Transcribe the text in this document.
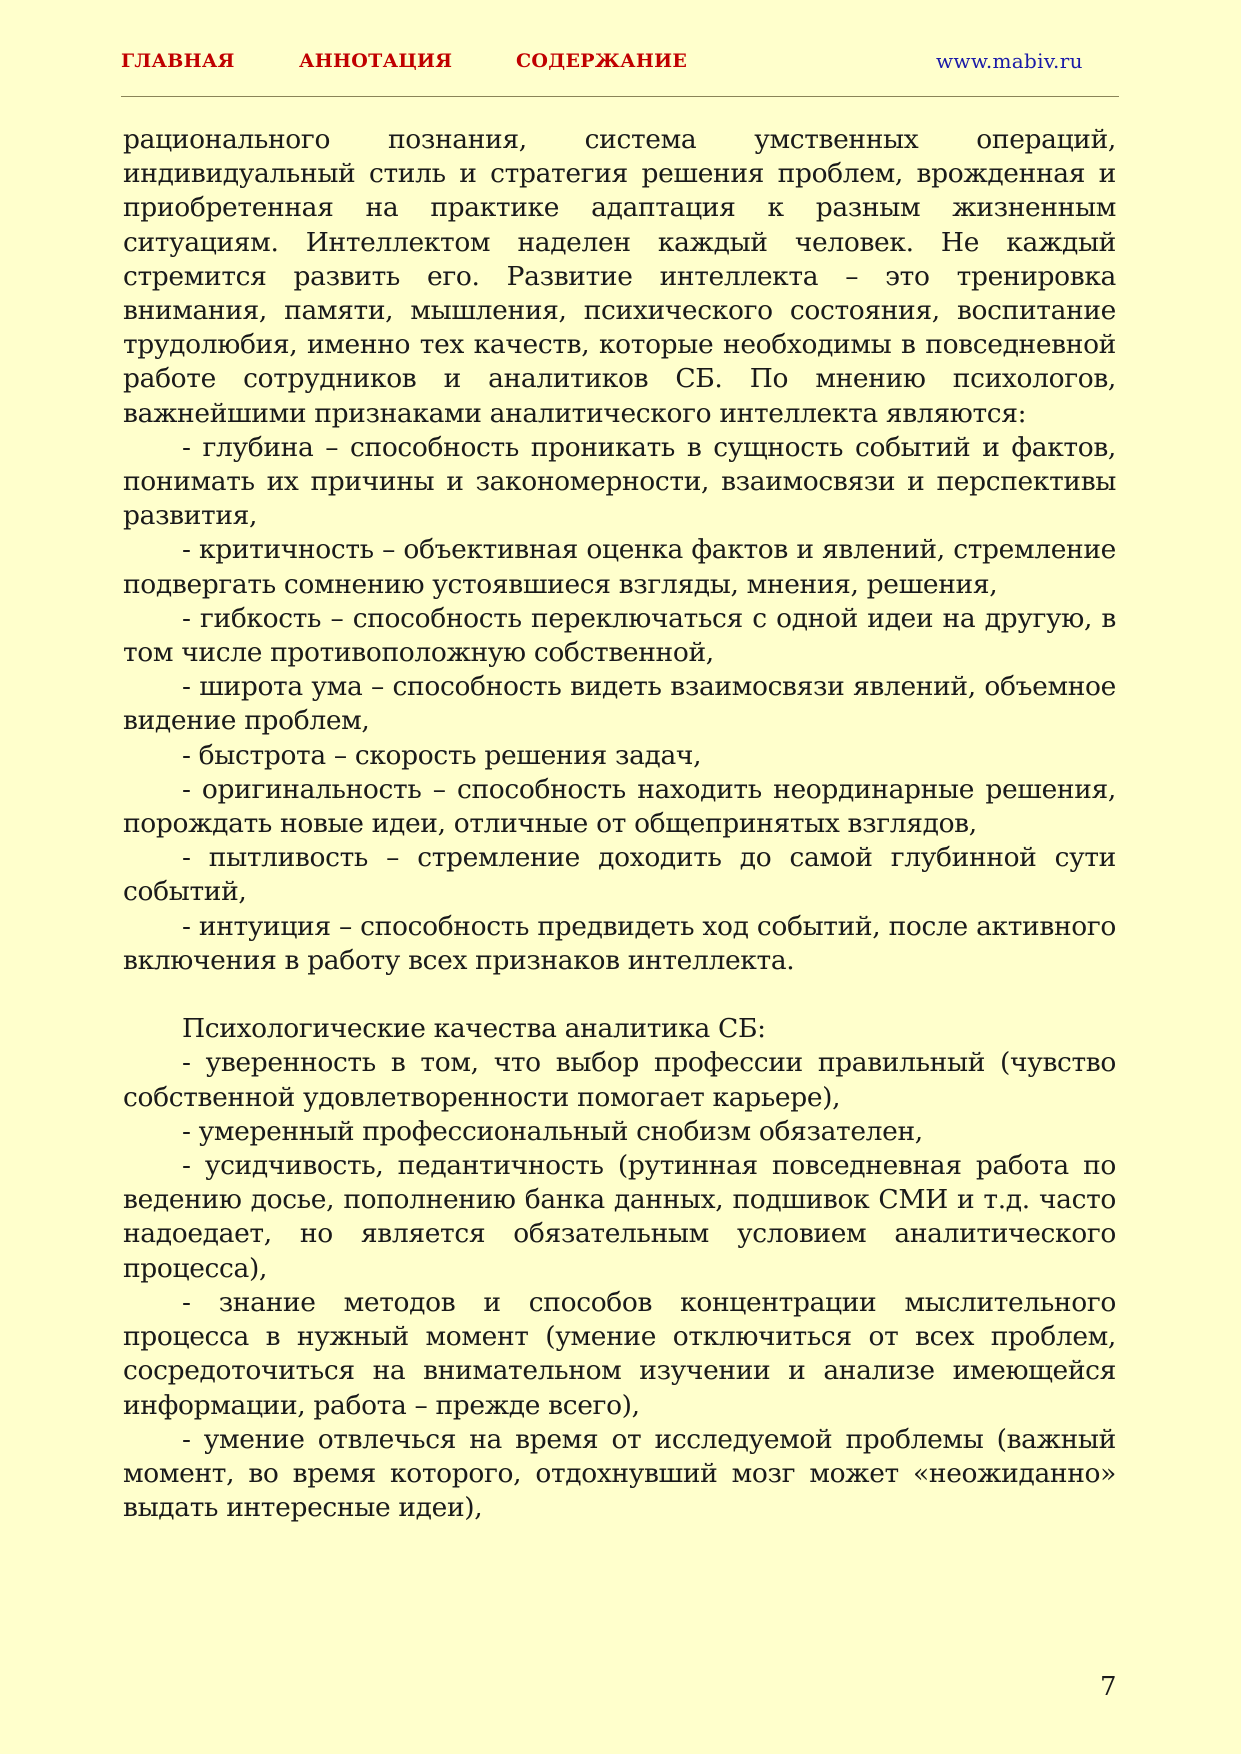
ГЛАВНАЯ	АННОТАЦИЯ	СОДЕРЖАНИЕ	www.mabiv.ru

рационального познания, система умственных операций, индивидуальный стиль и стратегия решения проблем, врожденная и приобретенная на практике адаптация к разным жизненным ситуациям. Интеллектом наделен каждый человек. Не каждый стремится развить его. Развитие интеллекта – это тренировка внимания, памяти, мышления, психического состояния, воспитание трудолюбия, именно тех качеств, которые необходимы в повседневной работе сотрудников и аналитиков СБ. По мнению психологов, важнейшими признаками аналитического интеллекта являются:

- глубина – способность проникать в сущность событий и фактов, понимать их причины и закономерности, взаимосвязи и перспективы развития,

- критичность – объективная оценка фактов и явлений, стремление подвергать сомнению устоявшиеся взгляды, мнения, решения,

- гибкость – способность переключаться с одной идеи на другую, в том числе противоположную собственной,

- широта ума – способность видеть взаимосвязи явлений, объемное видение проблем,

- быстрота – скорость решения задач,

- оригинальность – способность находить неординарные решения, порождать новые идеи, отличные от общепринятых взглядов,

- пытливость – стремление доходить до самой глубинной сути событий,

- интуиция – способность предвидеть ход событий, после активного включения в работу всех признаков интеллекта.

Психологические качества аналитика СБ:

- уверенность в том, что выбор профессии правильный (чувство собственной удовлетворенности помогает карьере),

- умеренный профессиональный снобизм обязателен,

- усидчивость, педантичность (рутинная повседневная работа по ведению досье, пополнению банка данных, подшивок СМИ и т.д. часто надоедает, но является обязательным условием аналитического процесса),

- знание методов и способов концентрации мыслительного процесса в нужный момент (умение отключиться от всех проблем, сосредоточиться на внимательном изучении и анализе имеющейся информации, работа – прежде всего),

- умение отвлечься на время от исследуемой проблемы (важный момент, во время которого, отдохнувший мозг может «неожиданно» выдать интересные идеи),

7
